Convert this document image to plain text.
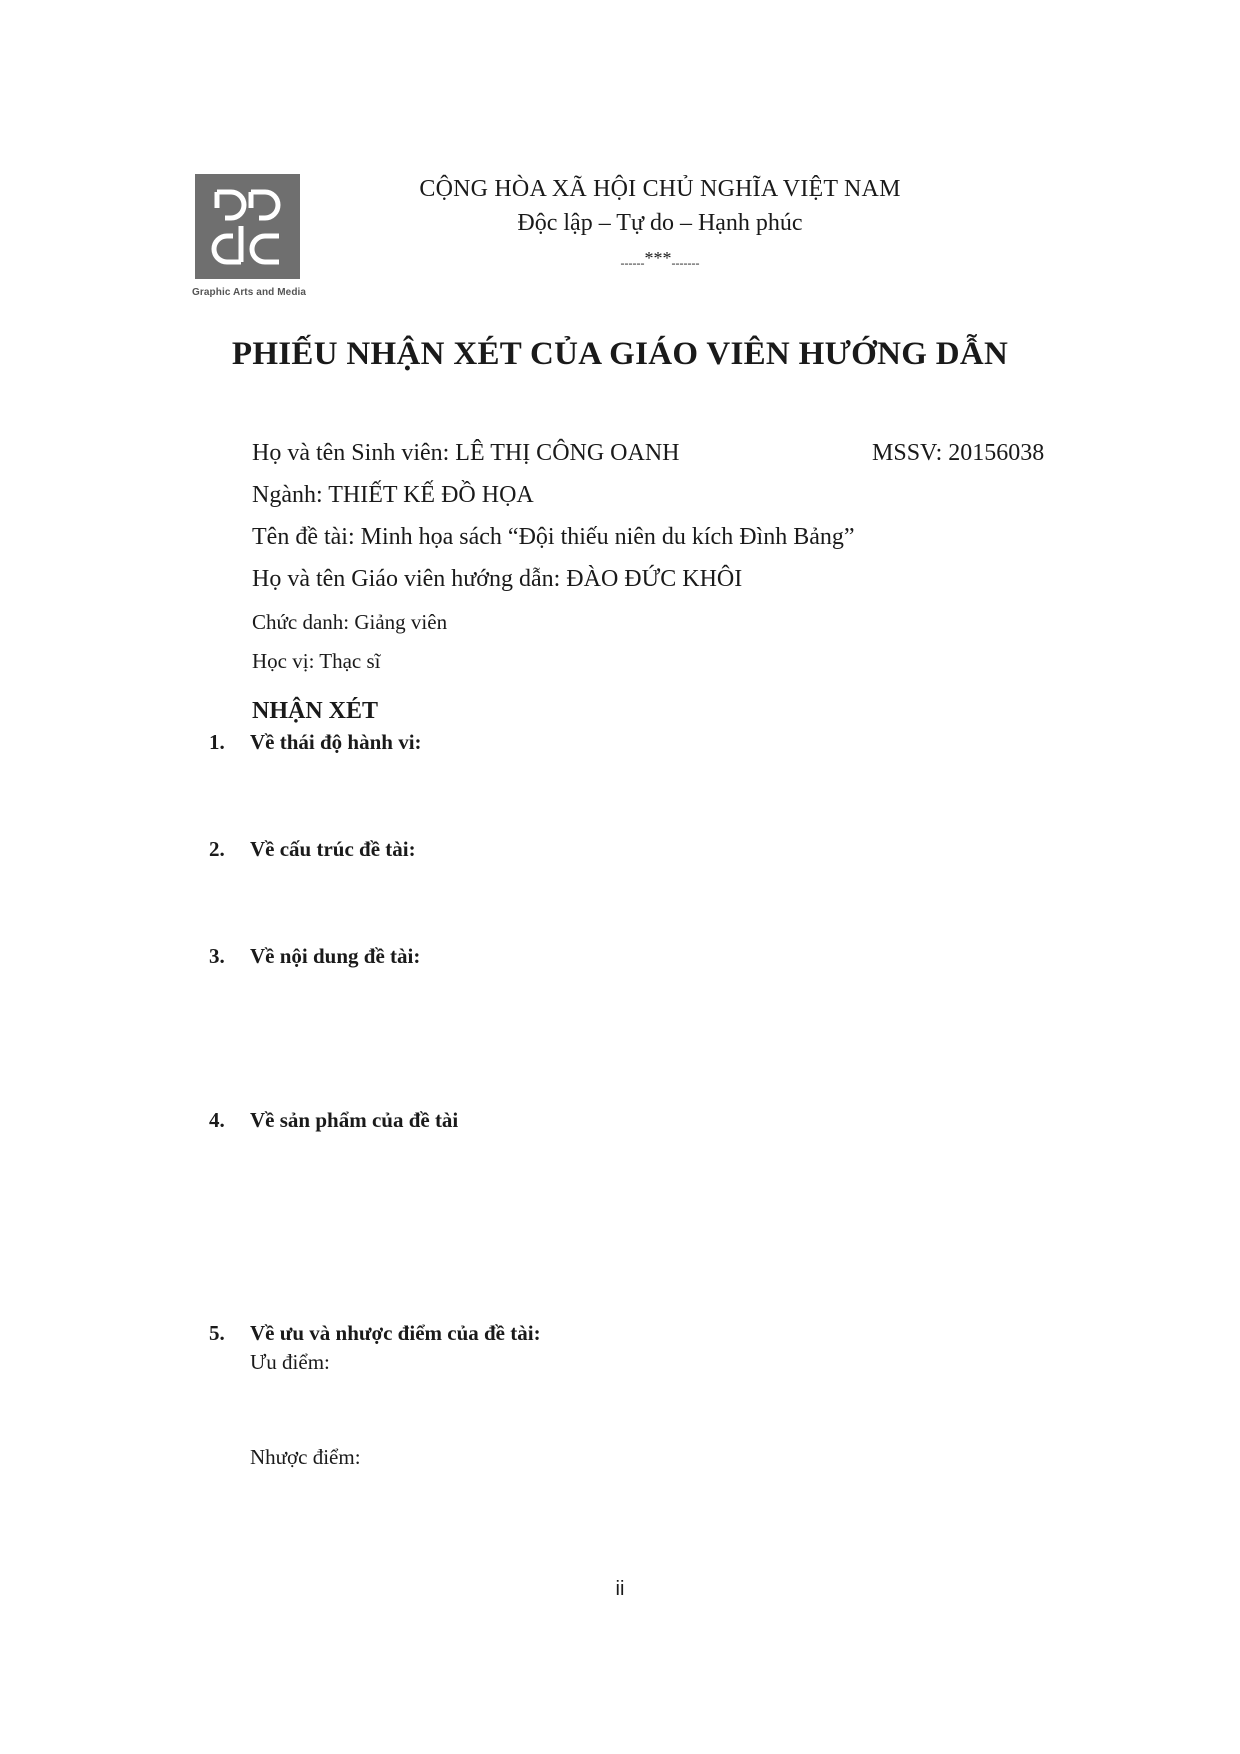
Graphic Arts and Media
CỘNG HÒA XÃ HỘI CHỦ NGHĨA VIỆT NAM
Độc lập – Tự do – Hạnh phúc
------***-------
PHIẾU NHẬN XÉT CỦA GIÁO VIÊN HƯỚNG DẪN
Họ và tên Sinh viên: LÊ THỊ CÔNG OANH	MSSV: 20156038
Ngành: THIẾT KẾ ĐỒ HỌA
Tên đề tài: Minh họa sách “Đội thiếu niên du kích Đình Bảng”
Họ và tên Giáo viên hướng dẫn: ĐÀO ĐỨC KHÔI
Chức danh: Giảng viên
Học vị: Thạc sĩ
NHẬN XÉT
1. Về thái độ hành vi:
2. Về cấu trúc đề tài:
3. Về nội dung đề tài:
4. Về sản phẩm của đề tài
5. Về ưu và nhược điểm của đề tài:
Ưu điểm:
Nhược điểm:
ii
